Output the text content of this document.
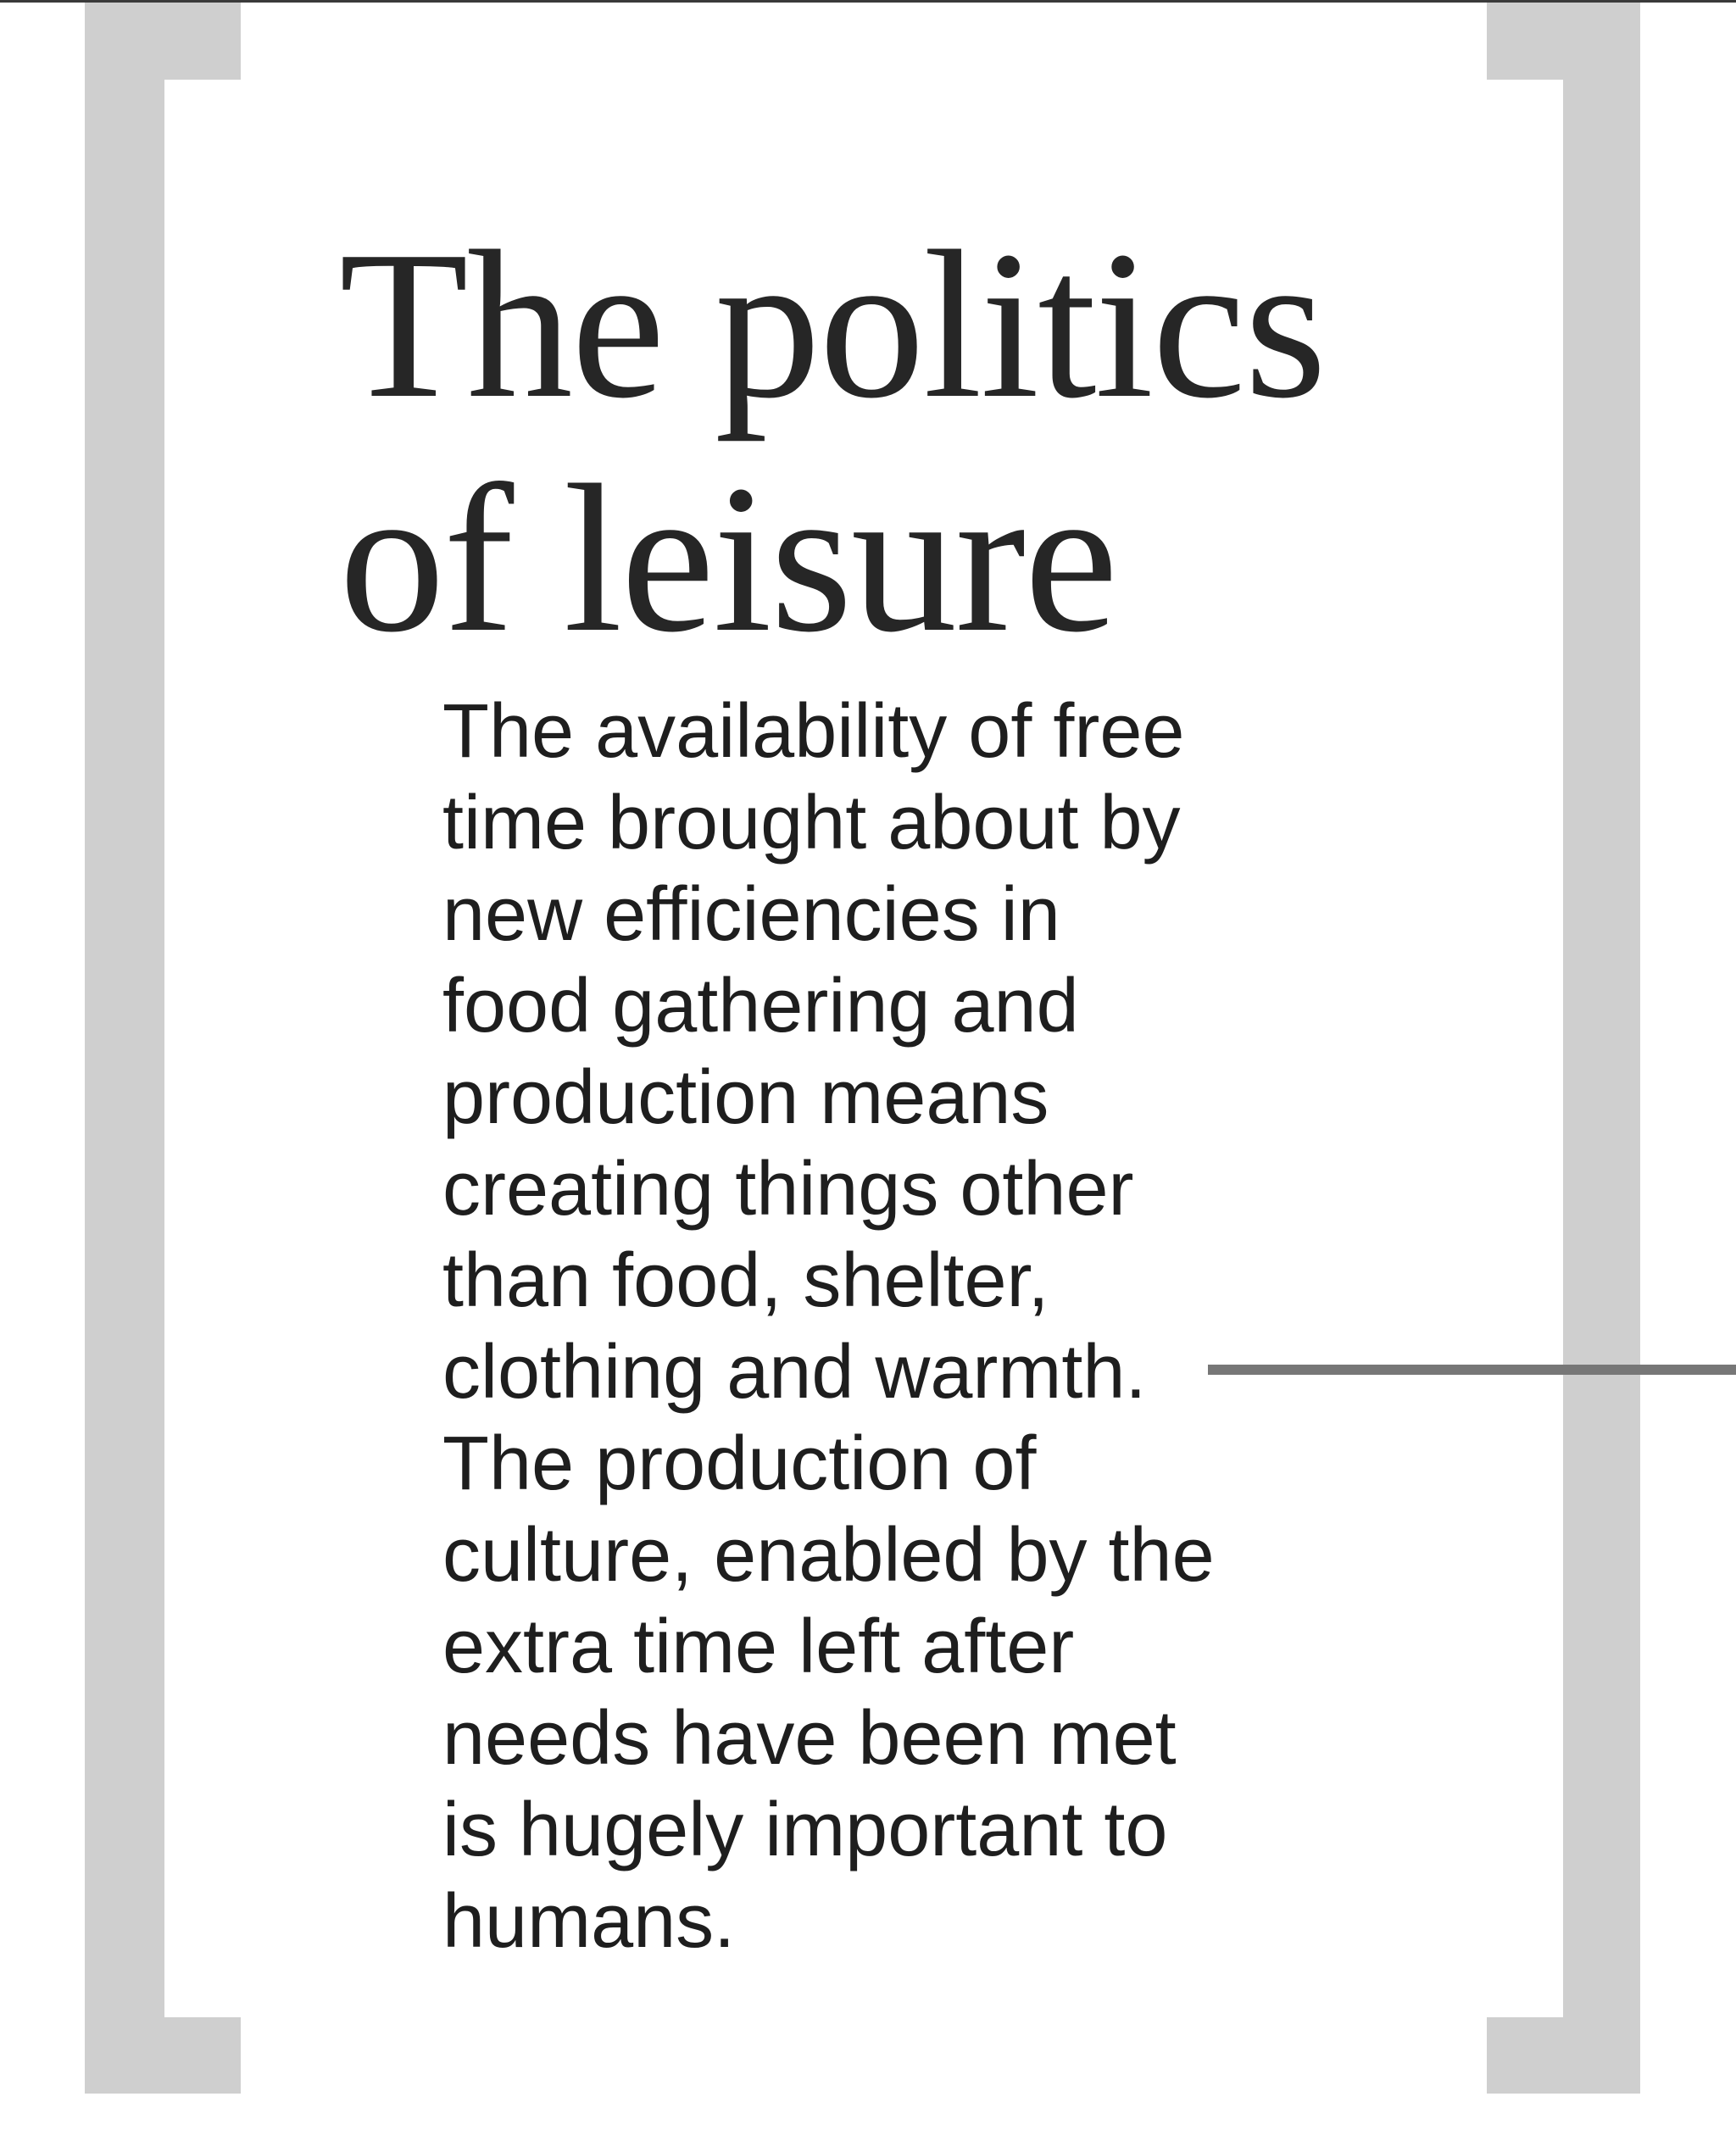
The politics
of leisure

The availability of free
time brought about by
new efficiencies in
food gathering and
production means
creating things other
than food, shelter,
clothing and warmth.
The production of
culture, enabled by the
extra time left after
needs have been met
is hugely important to
humans.
